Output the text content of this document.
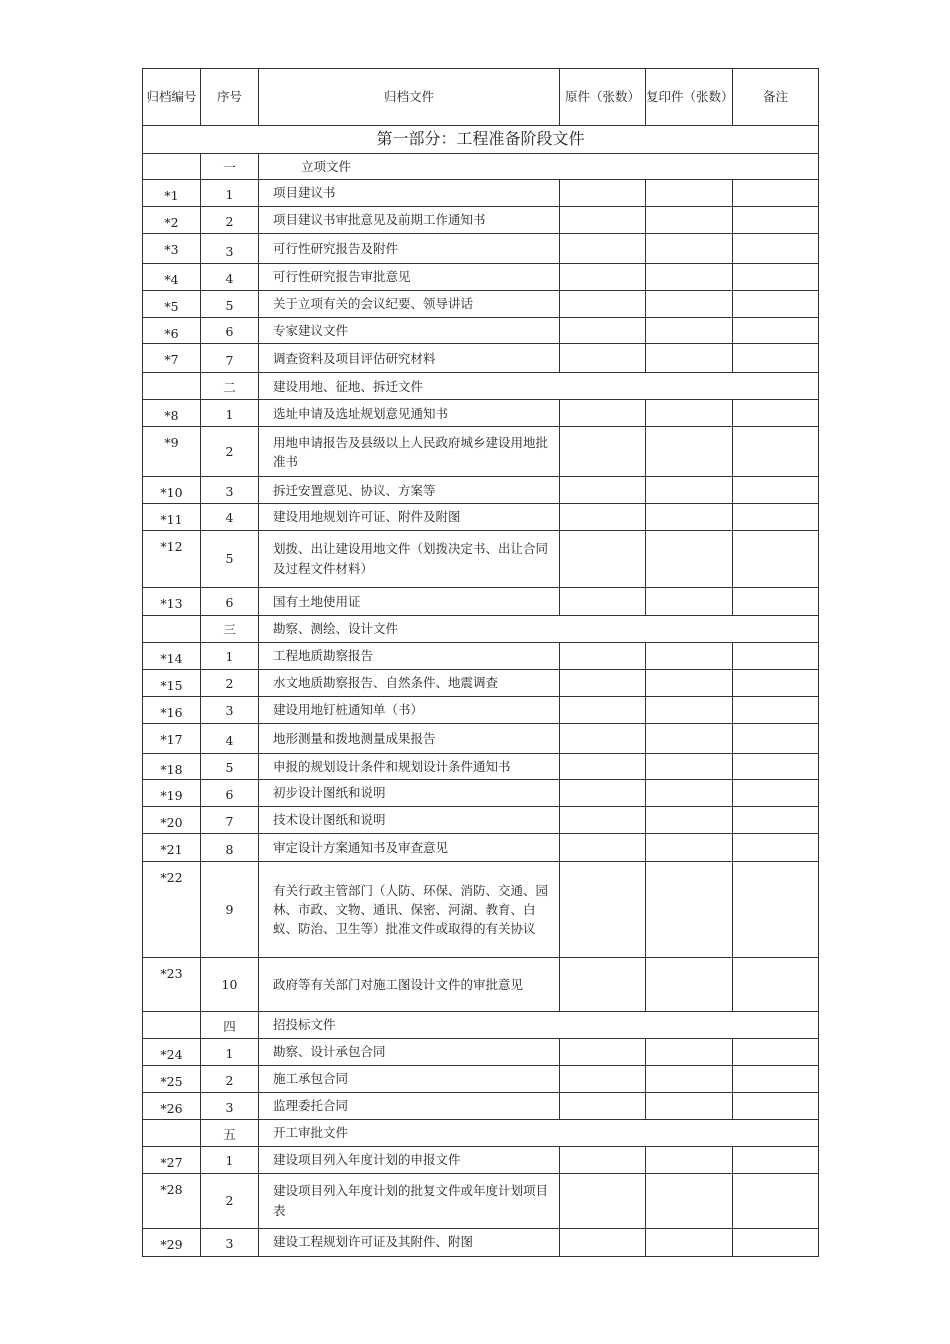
归档编号	序号	归档文件	原件（张数）	复印件（张数）	备注
第一部分：工程准备阶段文件					
	一	立项文件			
*1	1	项目建议书			
*2	2	项目建议书审批意见及前期工作通知书			
*3	3	可行性研究报告及附件			
*4	4	可行性研究报告审批意见			
*5	5	关于立项有关的会议纪要、领导讲话			
*6	6	专家建议文件			
*7	7	调查资料及项目评估研究材料			
	二	建设用地、征地、拆迁文件			
*8	1	选址申请及选址规划意见通知书			
*9	2	用地申请报告及县级以上人民政府城乡建设用地批准书			
*10	3	拆迁安置意见、协议、方案等			
*11	4	建设用地规划许可证、附件及附图			
*12	5	划拨、出让建设用地文件（划拨决定书、出让合同及过程文件材料）			
*13	6	国有土地使用证			
	三	勘察、测绘、设计文件			
*14	1	工程地质勘察报告			
*15	2	水文地质勘察报告、自然条件、地震调查			
*16	3	建设用地钉桩通知单（书）			
*17	4	地形测量和拨地测量成果报告			
*18	5	申报的规划设计条件和规划设计条件通知书			
*19	6	初步设计图纸和说明			
*20	7	技术设计图纸和说明			
*21	8	审定设计方案通知书及审查意见			
*22	9	有关行政主管部门（人防、环保、消防、交通、园林、市政、文物、通讯、保密、河湖、教育、白蚁、防治、卫生等）批准文件或取得的有关协议			
*23	10	政府等有关部门对施工图设计文件的审批意见			
	四	招投标文件			
*24	1	勘察、设计承包合同			
*25	2	施工承包合同			
*26	3	监理委托合同			
	五	开工审批文件			
*27	1	建设项目列入年度计划的申报文件			
*28	2	建设项目列入年度计划的批复文件或年度计划项目表			
*29	3	建设工程规划许可证及其附件、附图			
